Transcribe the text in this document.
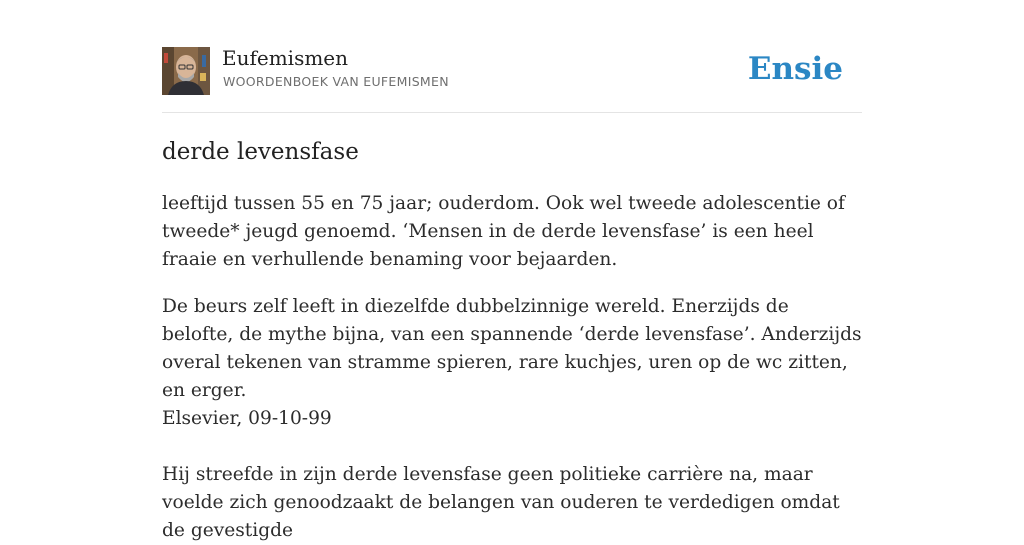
Eufemismen
WOORDENBOEK VAN EUFEMISMEN	Ensie
derde levensfase

leeftijd tussen 55 en 75 jaar; ouderdom. Ook wel tweede adolescentie of tweede* jeugd genoemd. ‘Mensen in de derde levensfase’ is een heel fraaie en verhullende benaming voor bejaarden.

De beurs zelf leeft in diezelfde dubbelzinnige wereld. Enerzijds de belofte, de mythe bijna, van een spannende ‘derde levensfase’. Anderzijds overal tekenen van stramme spieren, rare kuchjes, uren op de wc zitten, en erger.

Elsevier, 09-10-99

Hij streefde in zijn derde levensfase geen politieke carrière na, maar voelde zich genoodzaakt de belangen van ouderen te verdedigen omdat de gevestigde
